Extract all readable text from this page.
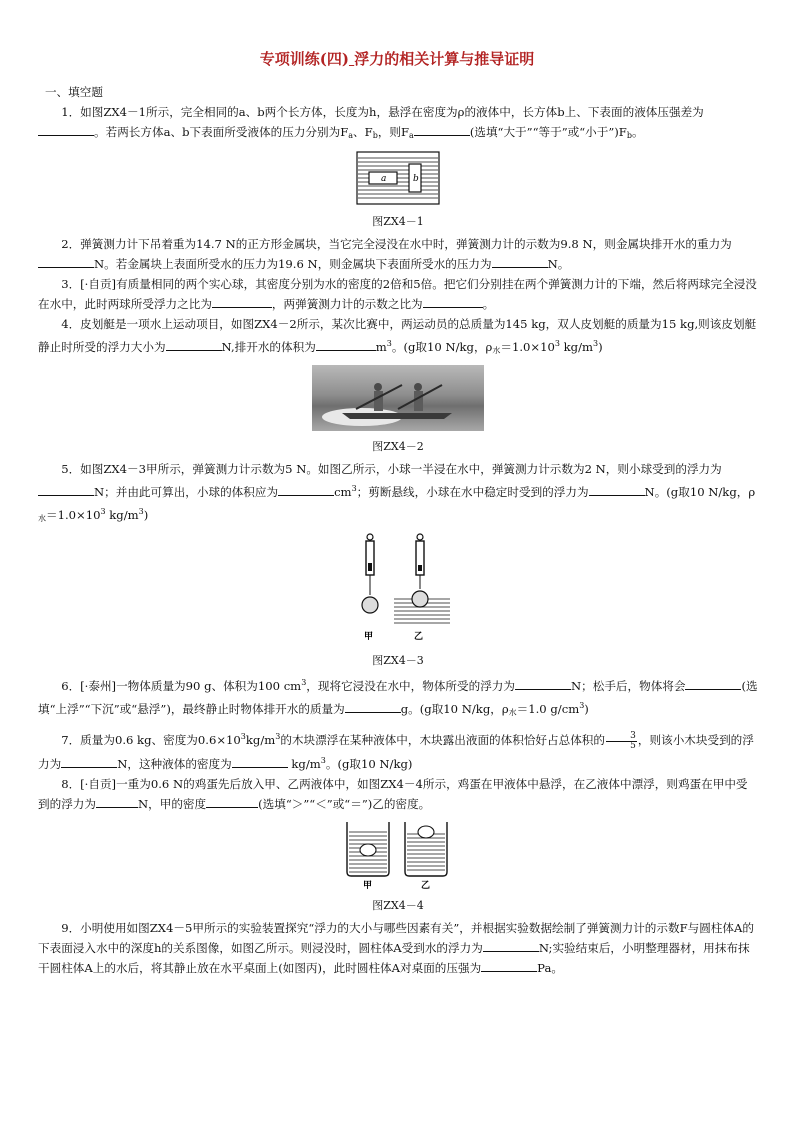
专项训练(四) 浮力的相关计算与推导证明

一、填空题

1．如图ZX4－1所示，完全相同的a、b两个长方体，长度为h，悬浮在密度为ρ的液体中，长方体b上、下表面的液体压强差为。若两长方体a、b下表面所受液体的压力分别为$F_a$、$F_b$，则$F_a$	(选填“大于”“等于”或“小于$”)F_b$。

a	b
图ZX4－1

2．弹簧测力计下吊着重为14.7 N的正方形金属块，当它完全浸没在水中时，弹簧测力计的示数为9.8 N，则金属块排开水的重力为N。若金属块上表面所受水的压力为19.6 N，则金属块下表面所受水的压力为	N。

3．[·自贡]有质量相同的两个实心球，其密度分别为水的密度的2倍和5倍。把它们分别挂在两个弹簧测力计的下端，然后将两球完全浸没在水中，此时两球所受浮力之比为	，两弹簧测力计的示数之比为	。

4．皮划艇是一项水上运动项目，如图ZX4－2所示，某次比赛中，两运动员的总质量为145 kg，双人皮划艇的质量为15 kg,则该皮划艇静止时所受的浮力大小为	N,排开水的体积为	$m^3$。(g取10 N/kg，$\rho_水=1.0\times 10^3$ $kg/m^3$)

图ZX4－2

5．如图ZX4－3甲所示，弹簧测力计示数为5 N。如图乙所示，小球一半浸在水中，弹簧测力计示数为2 N，则小球受到的浮力为N；并由此可算出，小球的体积应为	$cm^3$；剪断悬线，小球在水中稳定时受到的浮力为	N。(g取10 N/kg，$\rho_水=1.0\times 10^3$ $kg/m^3$)

甲	乙
图ZX4－3

6．[·泰州]一物体质量为90 g、体积为100 $cm^3$，现将它浸没在水中，物体所受的浮力为	N；松手后，物体将会	(选填“上浮”“下沉”或“悬浮”)，最终静止时物体排开水的质量为	g。(g取10 N/kg，$\rho_水=1.0$ $g/cm^3$)

7．质量为0.6 kg、密度为$0.6\times 10^3kg/m^3$的木块漂浮在某种液体中，木块露出液面的体积恰好占总体积的 $\frac{3}{5}$ ，则该小木块受到的浮力为	N，这种液体的密度为	$kg/m^3$。(g取10 N/kg)

8．[·自贡]一重为0.6 N的鸡蛋先后放入甲、乙两液体中，如图ZX4－4所示，鸡蛋在甲液体中悬浮，在乙液体中漂浮，则鸡蛋在甲中受到的浮力为	N，甲的密度	(选填“＞”“＜”或“＝”)乙的密度。

甲	乙
图ZX4－4

9．小明使用如图ZX4－5甲所示的实验装置探究“浮力的大小与哪些因素有关”，并根据实验数据绘制了弹簧测力计的示数F与圆柱体A的下表面浸入水中的深度h的关系图像，如图乙所示。则浸没时，圆柱体A受到水的浮力为	N;实验结束后，小明整理器材，用抹布抹干圆柱体A上的水后，将其静止放在水平桌面上(如图丙)，此时圆柱体A对桌面的压强为	Pa。
